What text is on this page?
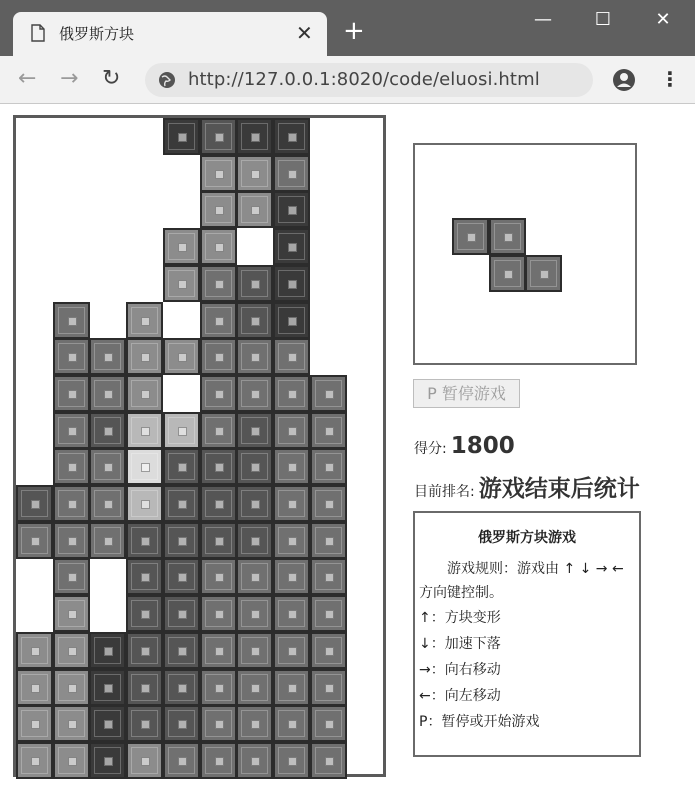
俄罗斯方块	✕ +	—	☐	✕
← → ↻	http://127.0.0.1:8020/code/eluosi.html	⋮
P 暂停游戏
得分: 1800
目前排名: 游戏结束后统计
俄罗斯方块游戏
游戏规则：游戏由 ↑ ↓ → ← 方向键控制。
↑：方块变形
↓：加速下落
→：向右移动
←：向左移动
P：暂停或开始游戏
